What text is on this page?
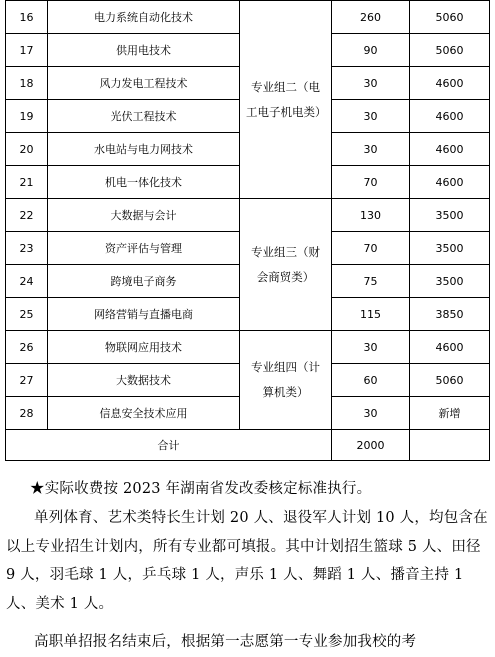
16	电力系统自动化技术	专业组二（电工电子机电类）	260	5060
17	供用电技术		90	5060
18	风力发电工程技术		30	4600
19	光伏工程技术		30	4600
20	水电站与电力网技术		30	4600
21	机电一体化技术		70	4600
22	大数据与会计	专业组三（财会商贸类）	130	3500
23	资产评估与管理		70	3500
24	跨境电子商务		75	3500
25	网络营销与直播电商		115	3850
26	物联网应用技术	专业组四（计算机类）	30	4600
27	大数据技术		60	5060
28	信息安全技术应用		30	新增
合计			2000	

★实际收费按 2023 年湖南省发改委核定标准执行。

单列体育、艺术类特长生计划 20 人、退役军人计划 10 人，均包含在以上专业招生计划内，所有专业都可填报。其中计划招生篮球 5 人、田径 9 人，羽毛球 1 人，乒乓球 1 人，声乐 1 人、舞蹈 1 人、播音主持 1 人、美术 1 人。

高职单招报名结束后，根据第一志愿第一专业参加我校的考
